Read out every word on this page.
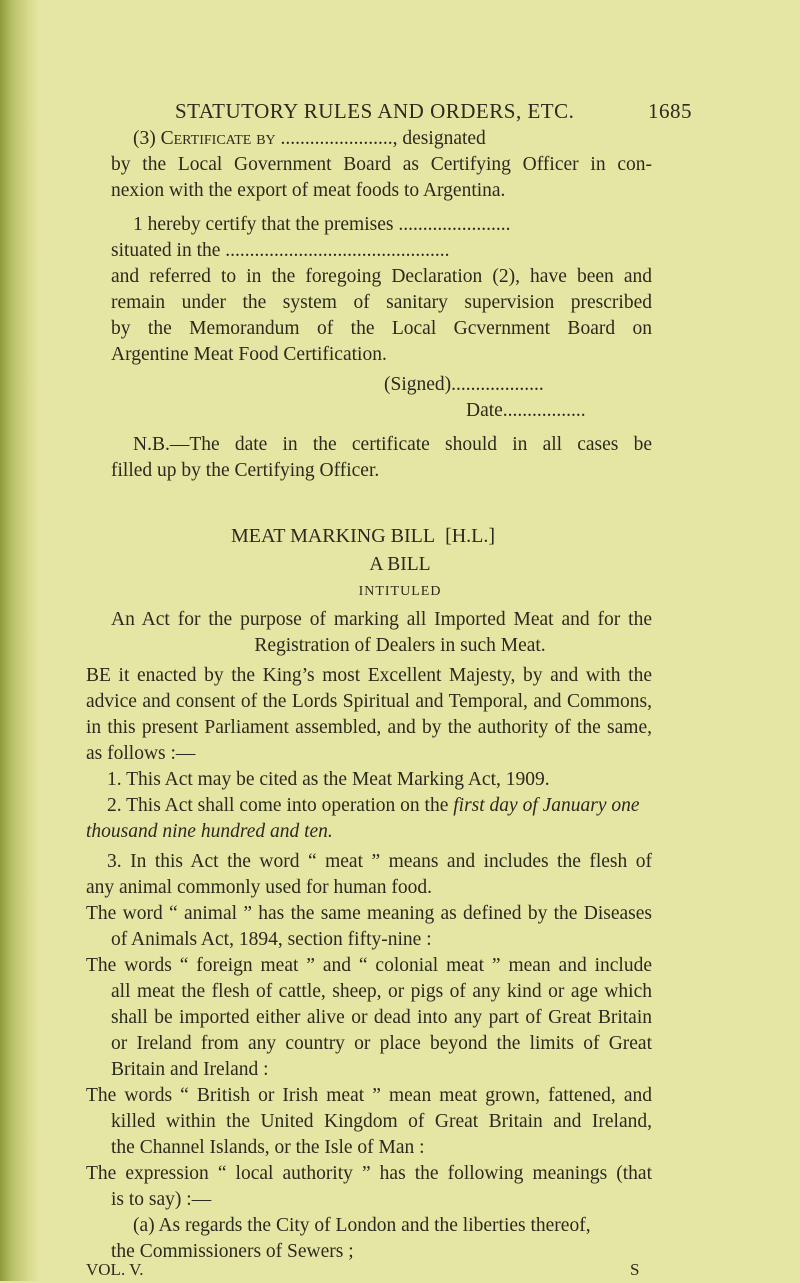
STATUTORY RULES AND ORDERS, ETC.	1685
(3) Certificate by ......................., designated
by the Local Government Board as Certifying Officer in con-
nexion with the export of meat foods to Argentina.
1 hereby certify that the premises .......................
situated in the ..............................................
and referred to in the foregoing Declaration (2), have been and
remain under the system of sanitary supervision prescribed
by the Memorandum of the Local Gcvernment Board on
Argentine Meat Food Certification.
(Signed)...................
Date.................
N.B.—The date in the certificate should in all cases be
filled up by the Certifying Officer.
MEAT MARKING BILL [H.L.]
A BILL
INTITULED
An Act for the purpose of marking all Imported Meat and for the
Registration of Dealers in such Meat.
BE it enacted by the King’s most Excellent Majesty, by and with the
advice and consent of the Lords Spiritual and Temporal, and Commons,
in this present Parliament assembled, and by the authority of the same,
as follows :—
1. This Act may be cited as the Meat Marking Act, 1909.
2. This Act shall come into operation on the first day of January one
thousand nine hundred and ten.
3. In this Act the word “ meat ” means and includes the flesh of
any animal commonly used for human food.
The word “ animal ” has the same meaning as defined by the Diseases
of Animals Act, 1894, section fifty-nine :
The words “ foreign meat ” and “ colonial meat ” mean and include
all meat the flesh of cattle, sheep, or pigs of any kind or age which
shall be imported either alive or dead into any part of Great Britain
or Ireland from any country or place beyond the limits of Great
Britain and Ireland :
The words “ British or Irish meat ” mean meat grown, fattened, and
killed within the United Kingdom of Great Britain and Ireland,
the Channel Islands, or the Isle of Man :
The expression “ local authority ” has the following meanings (that
is to say) :—
(a) As regards the City of London and the liberties thereof,
the Commissioners of Sewers ;
VOL. V.	S
